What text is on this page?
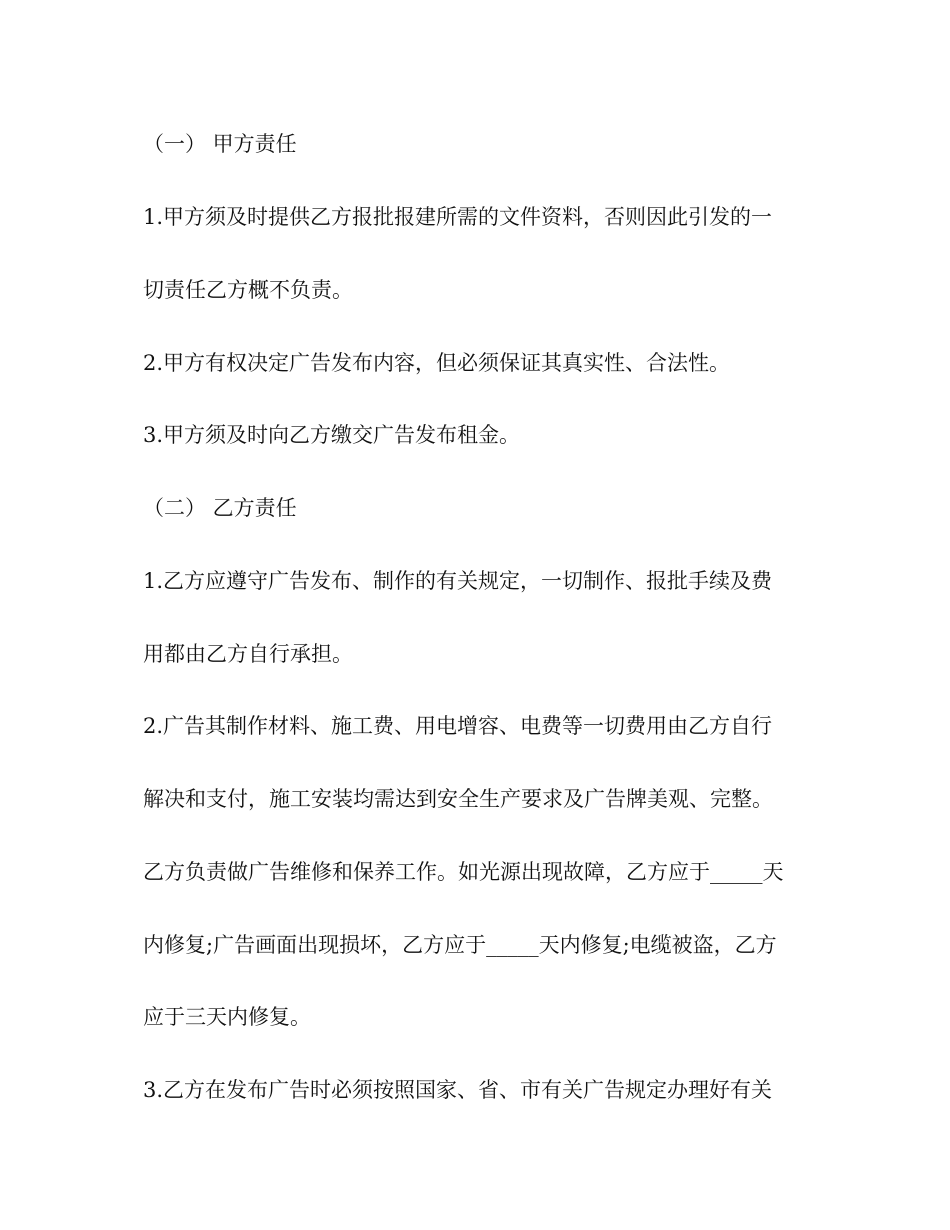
（一） 甲方责任

1.甲方须及时提供乙方报批报建所需的文件资料，否则因此引发的一

切责任乙方概不负责。

2.甲方有权决定广告发布内容，但必须保证其真实性、合法性。

3.甲方须及时向乙方缴交广告发布租金。

（二） 乙方责任

1.乙方应遵守广告发布、制作的有关规定，一切制作、报批手续及费

用都由乙方自行承担。

2.广告其制作材料、施工费、用电增容、电费等一切费用由乙方自行

解决和支付，施工安装均需达到安全生产要求及广告牌美观、完整。

乙方负责做广告维修和保养工作。如光源出现故障，乙方应于_____天

内修复;广告画面出现损坏，乙方应于_____天内修复;电缆被盗，乙方

应于三天内修复。

3.乙方在发布广告时必须按照国家、省、市有关广告规定办理好有关
